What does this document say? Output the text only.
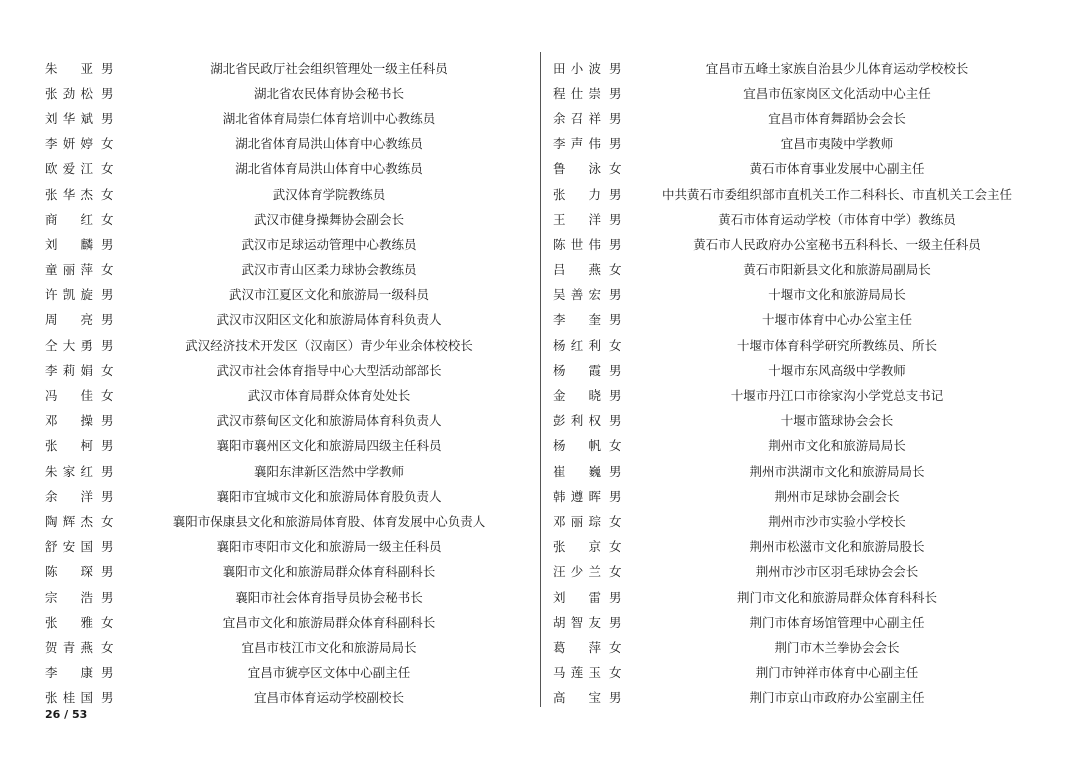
朱 亚 男	湖北省民政厅社会组织管理处一级主任科员
张劲松 男	湖北省农民体育协会秘书长
刘华斌 男	湖北省体育局崇仁体育培训中心教练员
李妍婷 女	湖北省体育局洪山体育中心教练员
欧爱江 女	湖北省体育局洪山体育中心教练员
张华杰 女	武汉体育学院教练员
商 红 女	武汉市健身操舞协会副会长
刘 麟 男	武汉市足球运动管理中心教练员
童丽萍 女	武汉市青山区柔力球协会教练员
许凯旋 男	武汉市江夏区文化和旅游局一级科员
周 亮 男	武汉市汉阳区文化和旅游局体育科负责人
仝大勇 男	武汉经济技术开发区（汉南区）青少年业余体校校长
李莉娟 女	武汉市社会体育指导中心大型活动部部长
冯 佳 女	武汉市体育局群众体育处处长
邓 操 男	武汉市蔡甸区文化和旅游局体育科负责人
张 柯 男	襄阳市襄州区文化和旅游局四级主任科员
朱家红 男	襄阳东津新区浩然中学教师
余 洋 男	襄阳市宜城市文化和旅游局体育股负责人
陶辉杰 女	襄阳市保康县文化和旅游局体育股、体育发展中心负责人
舒安国 男	襄阳市枣阳市文化和旅游局一级主任科员
陈 琛 男	襄阳市文化和旅游局群众体育科副科长
宗 浩 男	襄阳市社会体育指导员协会秘书长
张 雅 女	宜昌市文化和旅游局群众体育科副科长
贺青燕 女	宜昌市枝江市文化和旅游局局长
李 康 男	宜昌市猇亭区文体中心副主任
张桂国 男	宜昌市体育运动学校副校长
田小波 男	宜昌市五峰土家族自治县少儿体育运动学校校长
程仕崇 男	宜昌市伍家岗区文化活动中心主任
余召祥 男	宜昌市体育舞蹈协会会长
李声伟 男	宜昌市夷陵中学教师
鲁 泳 女	黄石市体育事业发展中心副主任
张 力 男	中共黄石市委组织部市直机关工作二科科长、市直机关工会主任
王 洋 男	黄石市体育运动学校（市体育中学）教练员
陈世伟 男	黄石市人民政府办公室秘书五科科长、一级主任科员
吕 燕 女	黄石市阳新县文化和旅游局副局长
吴善宏 男	十堰市文化和旅游局局长
李 奎 男	十堰市体育中心办公室主任
杨红利 女	十堰市体育科学研究所教练员、所长
杨 霞 男	十堰市东风高级中学教师
金 晓 男	十堰市丹江口市徐家沟小学党总支书记
彭利权 男	十堰市篮球协会会长
杨 帆 女	荆州市文化和旅游局局长
崔 巍 男	荆州市洪湖市文化和旅游局局长
韩遵晖 男	荆州市足球协会副会长
邓丽琮 女	荆州市沙市实验小学校长
张 京 女	荆州市松滋市文化和旅游局股长
汪少兰 女	荆州市沙市区羽毛球协会会长
刘 雷 男	荆门市文化和旅游局群众体育科科长
胡智友 男	荆门市体育场馆管理中心副主任
葛 萍 女	荆门市木兰拳协会会长
马莲玉 女	荆门市钟祥市体育中心副主任
高 宝 男	荆门市京山市政府办公室副主任
26 / 53
